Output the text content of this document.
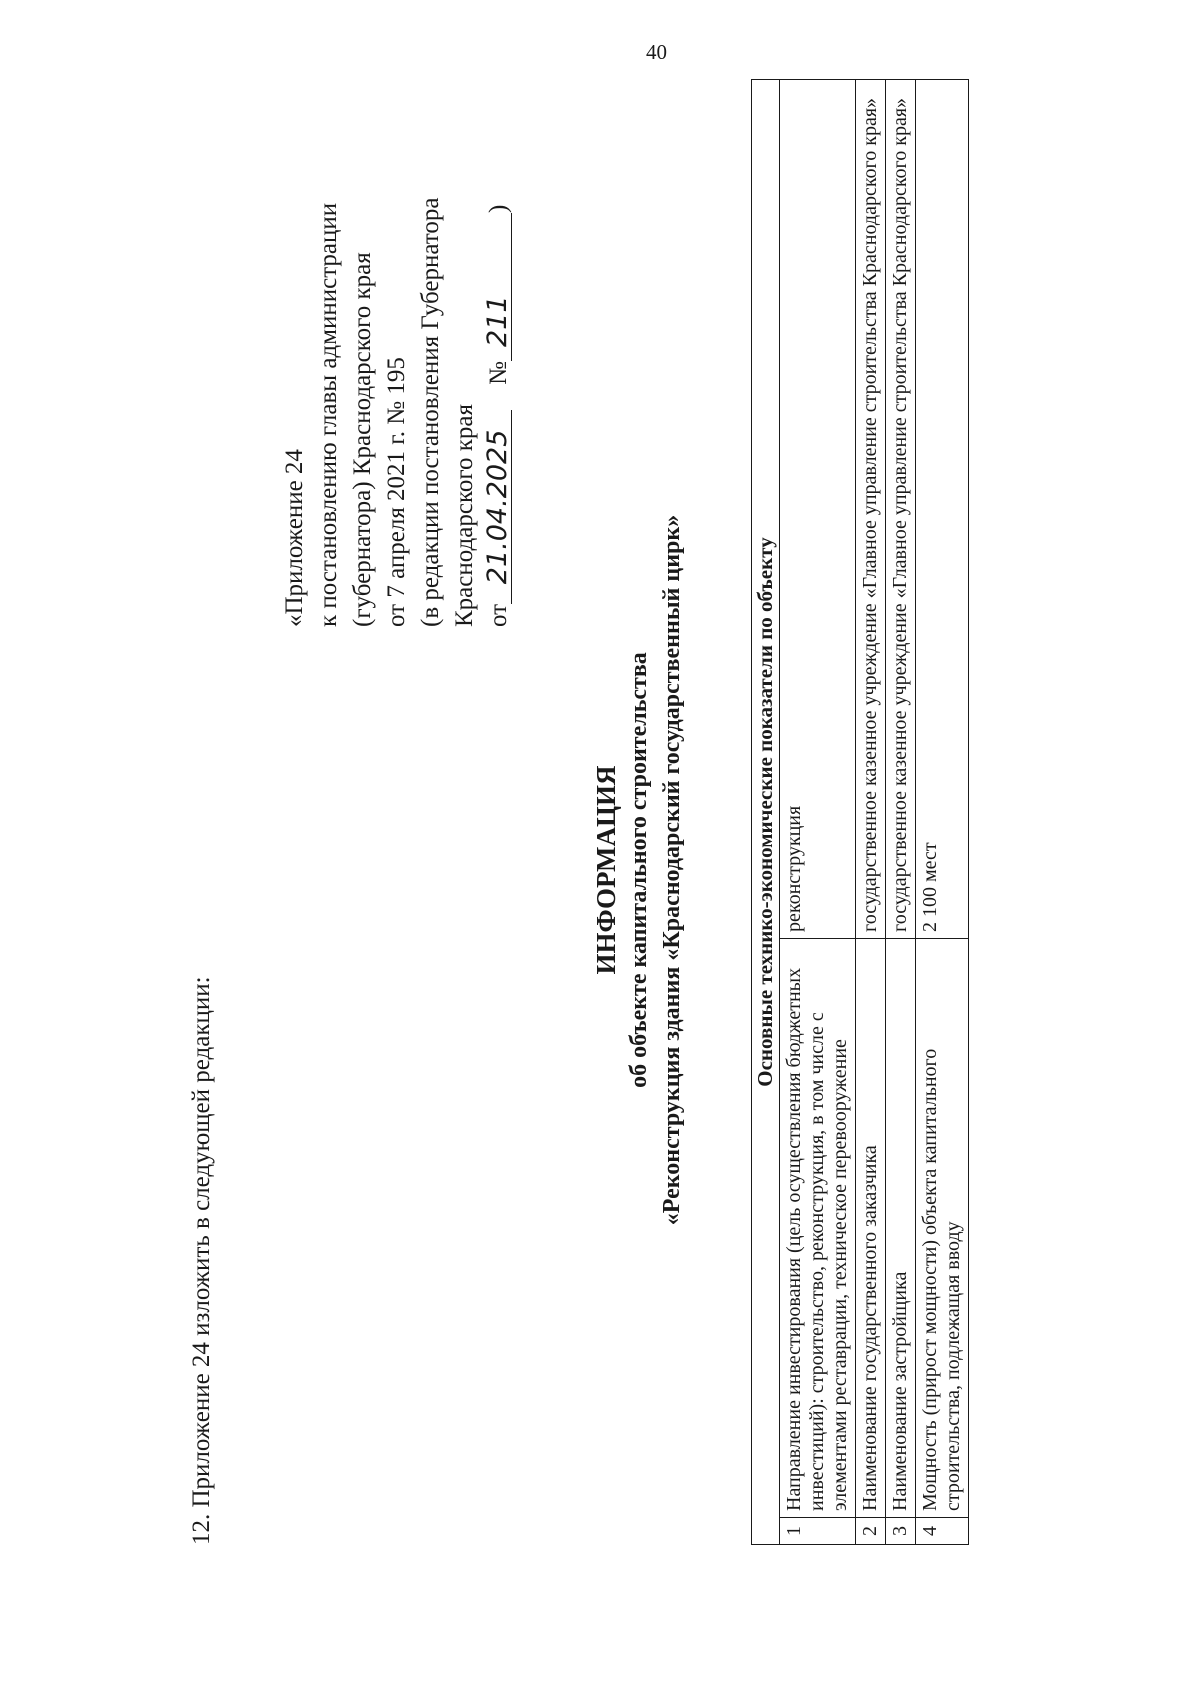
40
12. Приложение 24 изложить в следующей редакции:
«Приложение 24 к постановлению главы администрации (губернатора) Краснодарского края от 7 апреля 2021 г. № 195 (в редакции постановления Губернатора Краснодарского края от21.04.2025    №211)
ИНФОРМАЦИЯ об объекте капитального строительства «Реконструкция здания «Краснодарский государственный цирк»	Основные технико-экономические показатели по объекту		
1	Направление инвестирования (цель осуществления бюджетных инвестиций): строительство, реконструкция, в том числе с элементами реставрации, техническое перевооружение	реконструкция
2	Наименование государственного заказчика	государственное казенное учреждение «Главное управление строительства Краснодарского края»
3	Наименование застройщика	государственное казенное учреждение «Главное управление строительства Краснодарского края»
4	Мощность (прирост мощности) объекта капитального строительства, подлежащая вводу	2 100 мест
